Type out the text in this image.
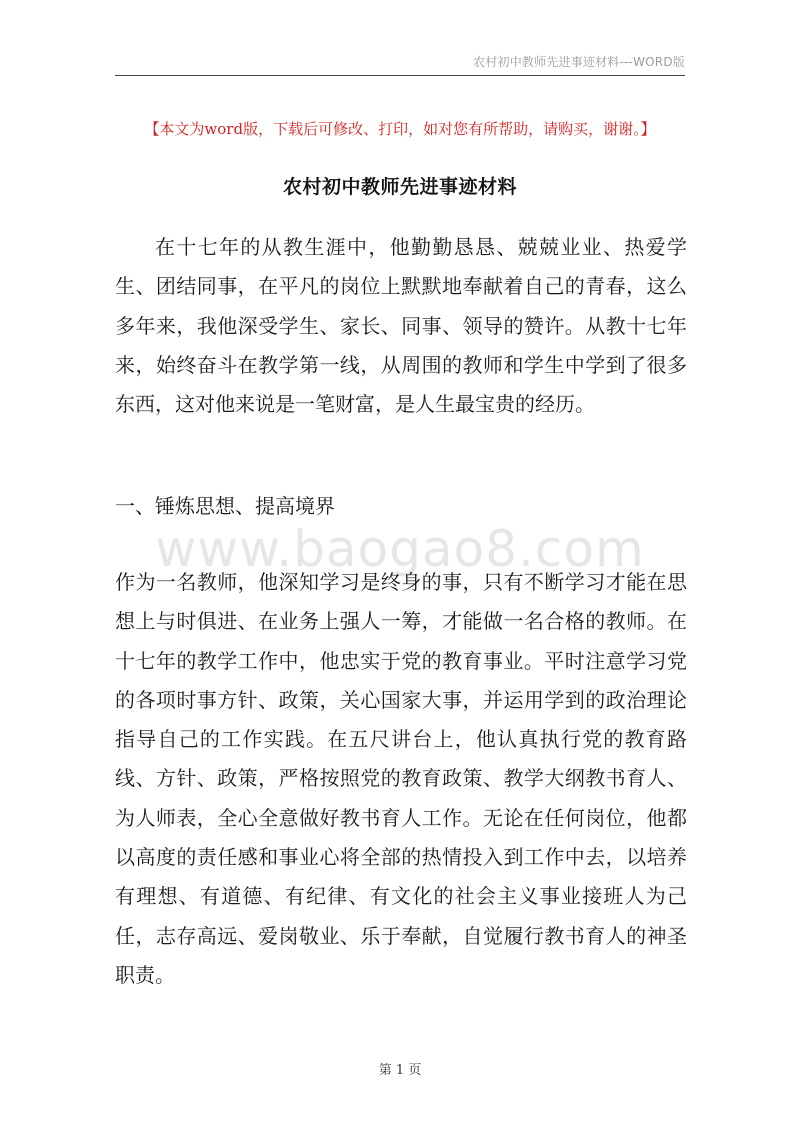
农村初中教师先进事迹材料---WORD版
【本文为word版，下载后可修改、打印，如对您有所帮助，请购买，谢谢。】
农村初中教师先进事迹材料

在十七年的从教生涯中，他勤勤恳恳、兢兢业业、热爱学生、团结同事，在平凡的岗位上默默地奉献着自己的青春，这么多年来，我他深受学生、家长、同事、领导的赞许。从教十七年来，始终奋斗在教学第一线，从周围的教师和学生中学到了很多东西，这对他来说是一笔财富，是人生最宝贵的经历。

一、锤炼思想、提高境界

www.baogao8.com

作为一名教师，他深知学习是终身的事，只有不断学习才能在思想上与时俱进、在业务上强人一筹，才能做一名合格的教师。在十七年的教学工作中，他忠实于党的教育事业。平时注意学习党的各项时事方针、政策，关心国家大事，并运用学到的政治理论指导自己的工作实践。在五尺讲台上，他认真执行党的教育路线、方针、政策，严格按照党的教育政策、教学大纲教书育人、为人师表，全心全意做好教书育人工作。无论在任何岗位，他都以高度的责任感和事业心将全部的热情投入到工作中去，以培养有理想、有道德、有纪律、有文化的社会主义事业接班人为己任，志存高远、爱岗敬业、乐于奉献，自觉履行教书育人的神圣职责。

第 1 页
